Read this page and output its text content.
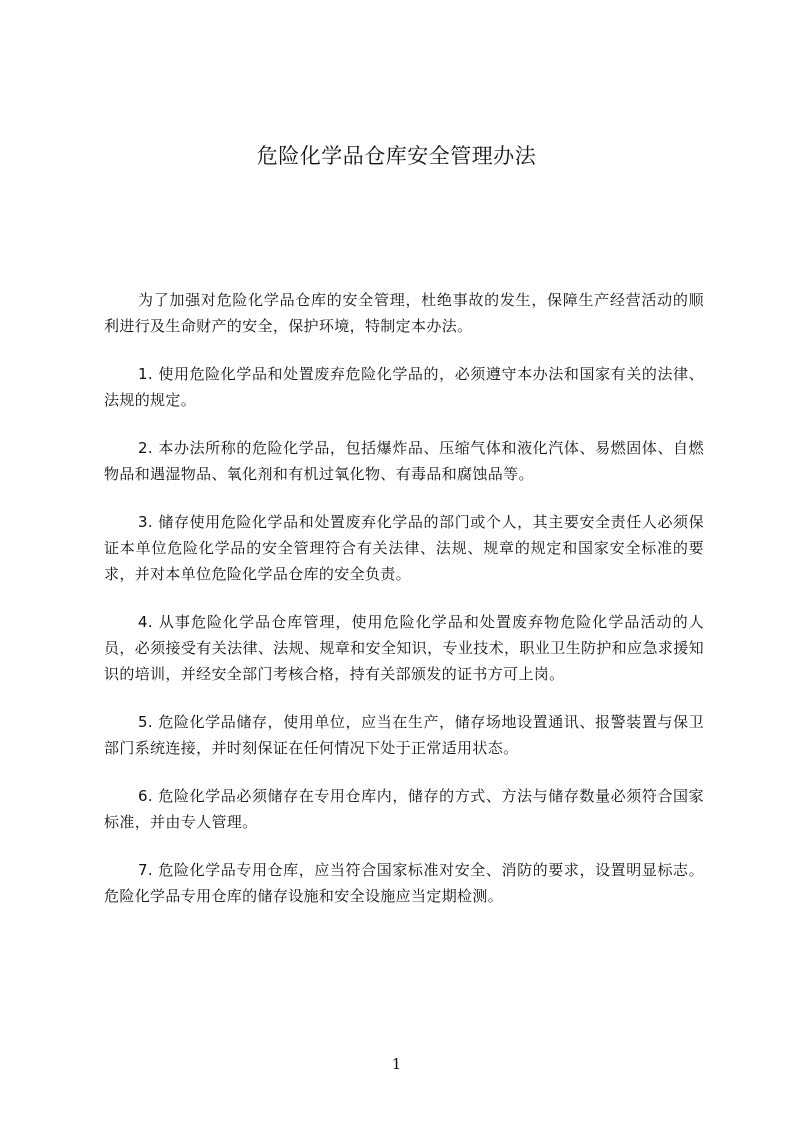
危险化学品仓库安全管理办法

为了加强对危险化学品仓库的安全管理，杜绝事故的发生，保障生产经营活动的顺利进行及生命财产的安全，保护环境，特制定本办法。

1. 使用危险化学品和处置废弃危险化学品的，必须遵守本办法和国家有关的法律、法规的规定。

2. 本办法所称的危险化学品，包括爆炸品、压缩气体和液化汽体、易燃固体、自燃物品和遇湿物品、氧化剂和有机过氧化物、有毒品和腐蚀品等。

3. 储存使用危险化学品和处置废弃化学品的部门或个人，其主要安全责任人必须保证本单位危险化学品的安全管理符合有关法律、法规、规章的规定和国家安全标准的要求，并对本单位危险化学品仓库的安全负责。

4. 从事危险化学品仓库管理，使用危险化学品和处置废弃物危险化学品活动的人员，必须接受有关法律、法规、规章和安全知识，专业技术，职业卫生防护和应急求援知识的培训，并经安全部门考核合格，持有关部颁发的证书方可上岗。

5. 危险化学品储存，使用单位，应当在生产，储存场地设置通讯、报警装置与保卫部门系统连接，并时刻保证在任何情况下处于正常适用状态。

6. 危险化学品必须储存在专用仓库内，储存的方式、方法与储存数量必须符合国家标准，并由专人管理。

7. 危险化学品专用仓库，应当符合国家标准对安全、消防的要求，设置明显标志。危险化学品专用仓库的储存设施和安全设施应当定期检测。

1
